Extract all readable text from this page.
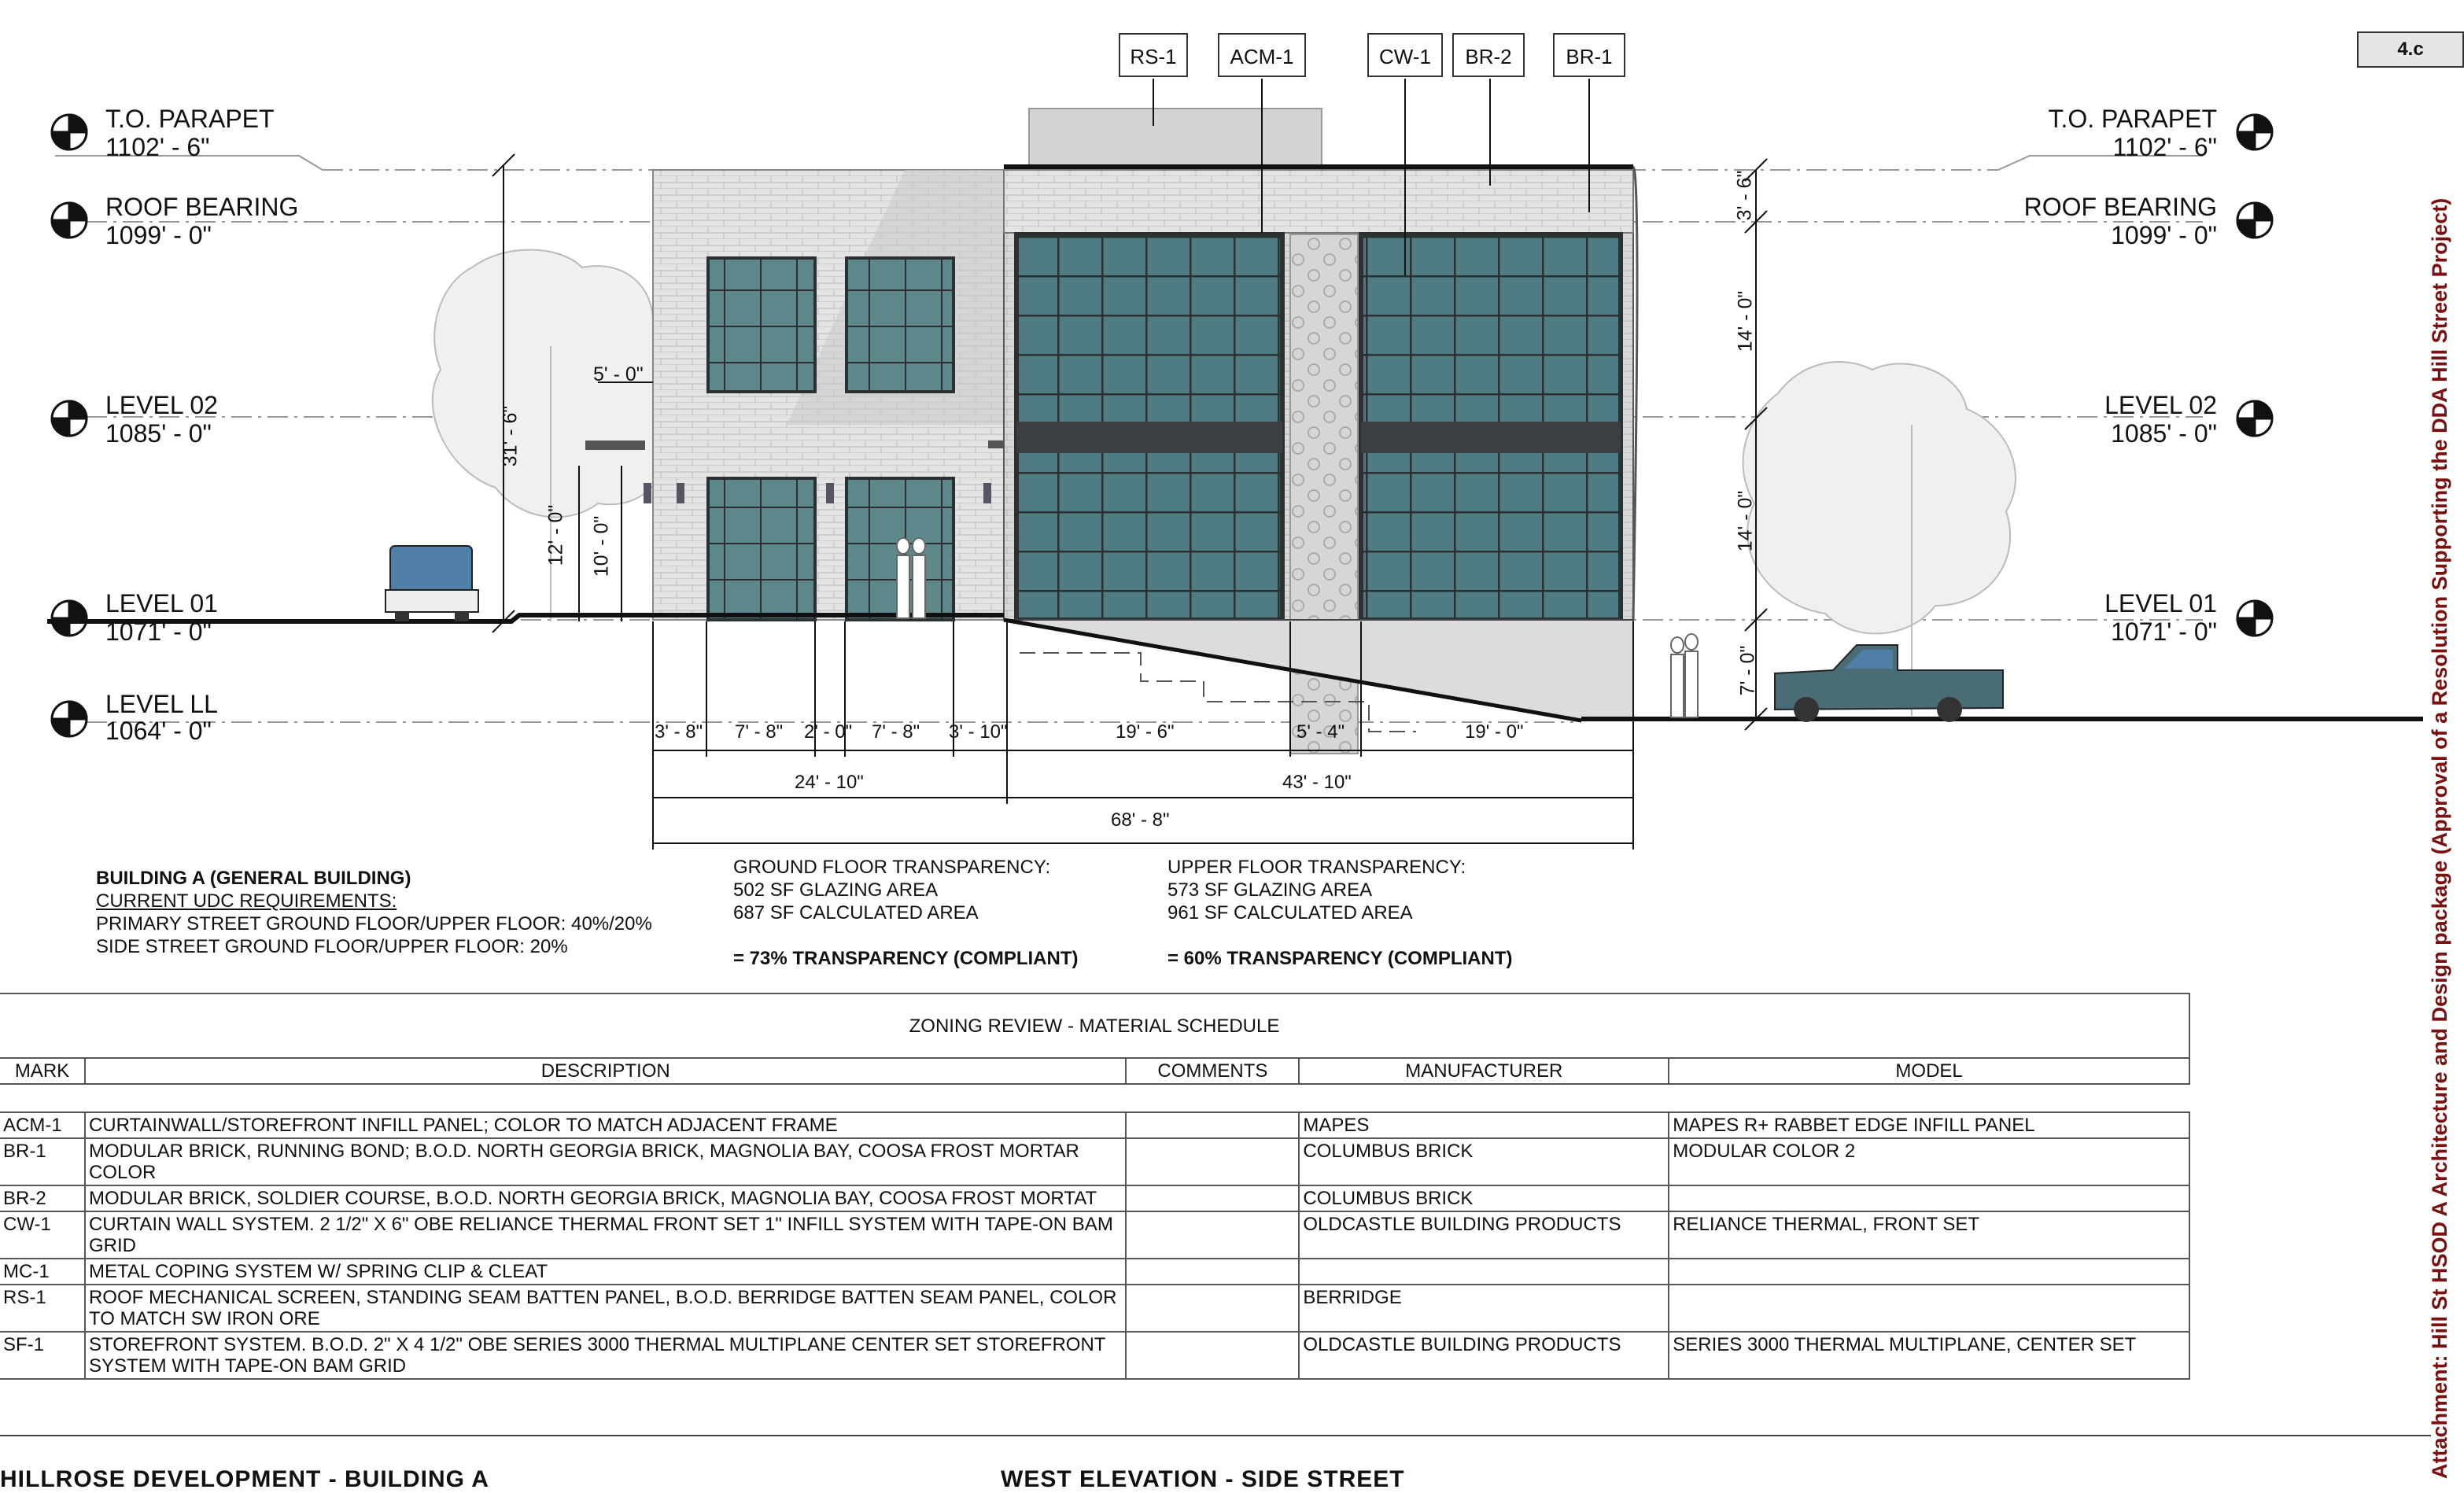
RS-1	ACM-1	CW-1	BR-2	BR-1	4.c
T.O. PARAPET
1102' - 6"
ROOF BEARING
1099' - 0"
LEVEL 02
1085' - 0"
LEVEL 01
1071' - 0"
LEVEL LL
1064' - 0"
T.O. PARAPET
1102' - 6"
ROOF BEARING
1099' - 0"
LEVEL 02
1085' - 0"
LEVEL 01
1071' - 0"
31' - 6"
5' - 0"
12' - 0" 10' - 0"
3' - 6"
14' - 0"
14' - 0"
7' - 0"
3' - 8" 7' - 8" 2' - 0" 7' - 8" 3' - 10"	19' - 6"	5' - 4"	19' - 0"
24' - 10"	43' - 10"
68' - 8"
BUILDING A (GENERAL BUILDING)
CURRENT UDC REQUIREMENTS:
PRIMARY STREET GROUND FLOOR/UPPER FLOOR: 40%/20%
SIDE STREET GROUND FLOOR/UPPER FLOOR: 20%
GROUND FLOOR TRANSPARENCY:
502 SF GLAZING AREA
687 SF CALCULATED AREA
= 73% TRANSPARENCY (COMPLIANT)
UPPER FLOOR TRANSPARENCY:
573 SF GLAZING AREA
961 SF CALCULATED AREA
= 60% TRANSPARENCY (COMPLIANT)
ZONING REVIEW - MATERIAL SCHEDULE				
MARK	DESCRIPTION	COMMENTS	MANUFACTURER	MODEL

ACM-1	CURTAINWALL/STOREFRONT INFILL PANEL; COLOR TO MATCH ADJACENT FRAME		MAPES	MAPES R+ RABBET EDGE INFILL PANEL
BR-1	MODULAR BRICK, RUNNING BOND; B.O.D. NORTH GEORGIA BRICK, MAGNOLIA BAY, COOSA FROST MORTAR COLOR		COLUMBUS BRICK	MODULAR COLOR 2
BR-2	MODULAR BRICK, SOLDIER COURSE, B.O.D. NORTH GEORGIA BRICK, MAGNOLIA BAY, COOSA FROST MORTAT		COLUMBUS BRICK	
CW-1	CURTAIN WALL SYSTEM. 2 1/2" X 6" OBE RELIANCE THERMAL FRONT SET 1" INFILL SYSTEM WITH TAPE-ON BAM GRID		OLDCASTLE BUILDING PRODUCTS	RELIANCE THERMAL, FRONT SET
MC-1	METAL COPING SYSTEM W/ SPRING CLIP & CLEAT			
RS-1	ROOF MECHANICAL SCREEN, STANDING SEAM BATTEN PANEL, B.O.D. BERRIDGE BATTEN SEAM PANEL, COLOR TO MATCH SW IRON ORE		BERRIDGE	
SF-1	STOREFRONT SYSTEM. B.O.D. 2" X 4 1/2" OBE SERIES 3000 THERMAL MULTIPLANE CENTER SET STOREFRONT SYSTEM WITH TAPE-ON BAM GRID		OLDCASTLE BUILDING PRODUCTS	SERIES 3000 THERMAL MULTIPLANE, CENTER SET
HILLROSE DEVELOPMENT - BUILDING A	WEST ELEVATION - SIDE STREET
Attachment: Hill St HSOD A Architecture and Design package (Approval of a Resolution Supporting the DDA Hill Street Project)
